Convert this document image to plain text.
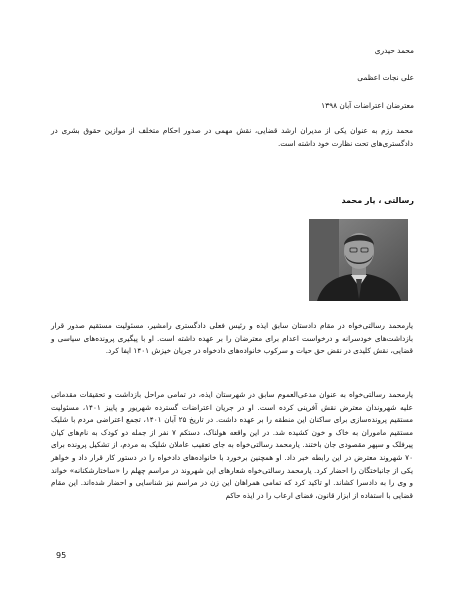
محمد حیدری
علی نجات اعظمی
معترضان اعتراضات آبان ۱۳۹۸

محمد رزم به عنوان یکی از مدیران ارشد قضایی، نقش مهمی در صدور احکام متخلف از موازین حقوق بشری در دادگستری‌های تحت نظارت خود داشته است.

رسالتی ، یار محمد

یارمحمد رسالتی‌خواه در مقام دادستان سابق ایذه و رئیس فعلی دادگستری رامشیر، مسئولیت مستقیم صدور قرار بازداشت‌های خودسرانه و درخواست اعدام برای معترضان را بر عهده داشته است. او با پیگیری پرونده‌های سیاسی و قضایی، نقش کلیدی در نقض حق حیات و سرکوب خانواده‌های دادخواه در جریان خیزش ۱۴۰۱ ایفا کرد.

یارمحمد رسالتی‌خواه به عنوان مدعی‌العموم سابق در شهرستان ایذه، در تمامی مراحل بازداشت و تحقیقات مقدماتی علیه شهروندان معترض نقش آفرینی کرده است. او در جریان اعتراضات گسترده شهریور و پاییز ۱۴۰۱، مسئولیت مستقیم پرونده‌سازی برای ساکنان این منطقه را بر عهده داشت. در تاریخ ۲۵ آبان ۱۴۰۱، تجمع اعتراضی مردم با شلیک مستقیم ماموران به خاک و خون کشیده شد. در این واقعه هولناک، دستکم ۷ نفر از جمله دو کودک به نام‌های کیان پیرفلک و سپهر مقصودی جان باختند. یارمحمد رسالتی‌خواه به جای تعقیب عاملان شلیک به مردم، از تشکیل پرونده برای ۷۰ شهروند معترض در این رابطه خبر داد. او همچنین برخورد با خانواده‌های دادخواه را در دستور کار قرار داد و خواهر یکی از جانباختگان را احضار کرد. یارمحمد رسالتی‌خواه شعارهای این شهروند در مراسم چهلم را «ساختارشکنانه» خواند و وی را به دادسرا کشاند. او تاکید کرد که تمامی همراهان این زن در مراسم نیز شناسایی و احضار شده‌اند. این مقام قضایی با استفاده از ابزار قانون، فضای ارعاب را در ایذه حاکم

95
